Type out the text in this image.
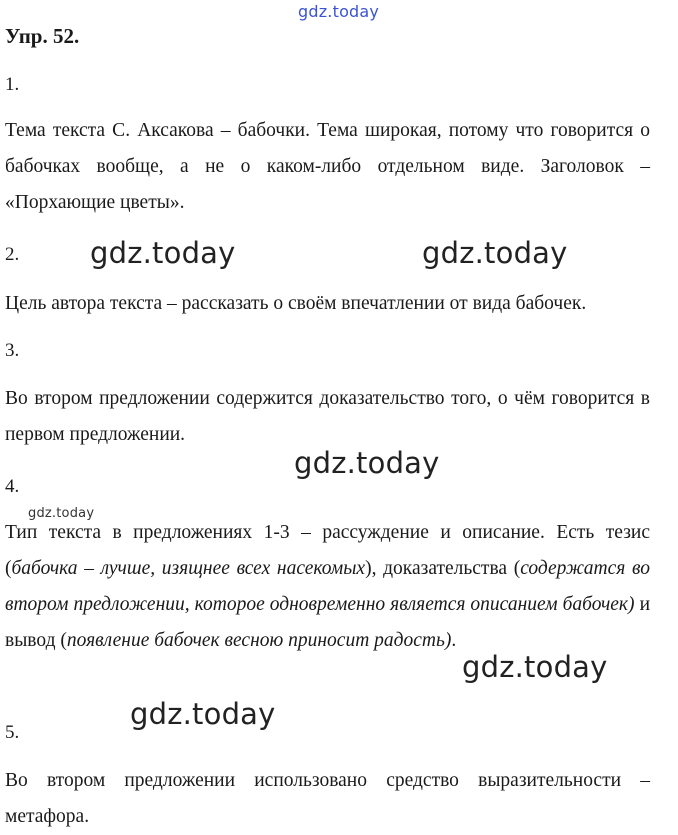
gdz.today
Упр. 52.
1.

Тема текста С. Аксакова – бабочки. Тема широкая, потому что говорится о бабочках вообще, а не о каком-либо отдельном виде. Заголовок – «Порхающие цветы».

2. gdz.today	gdz.today

Цель автора текста – рассказать о своём впечатлении от вида бабочек.

3.

Во втором предложении содержится доказательство того, о чём говорится в первом предложении.

gdz.today
4.
gdz.today

Тип текста в предложениях 1-3 – рассуждение и описание. Есть тезис (бабочка – лучше, изящнее всех насекомых), доказательства (содержатся во втором предложении, которое одновременно является описанием бабочек) и вывод (появление бабочек весною приносит радость).

gdz.today
gdz.today
5.

Во втором предложении использовано средство выразительности – метафора.
